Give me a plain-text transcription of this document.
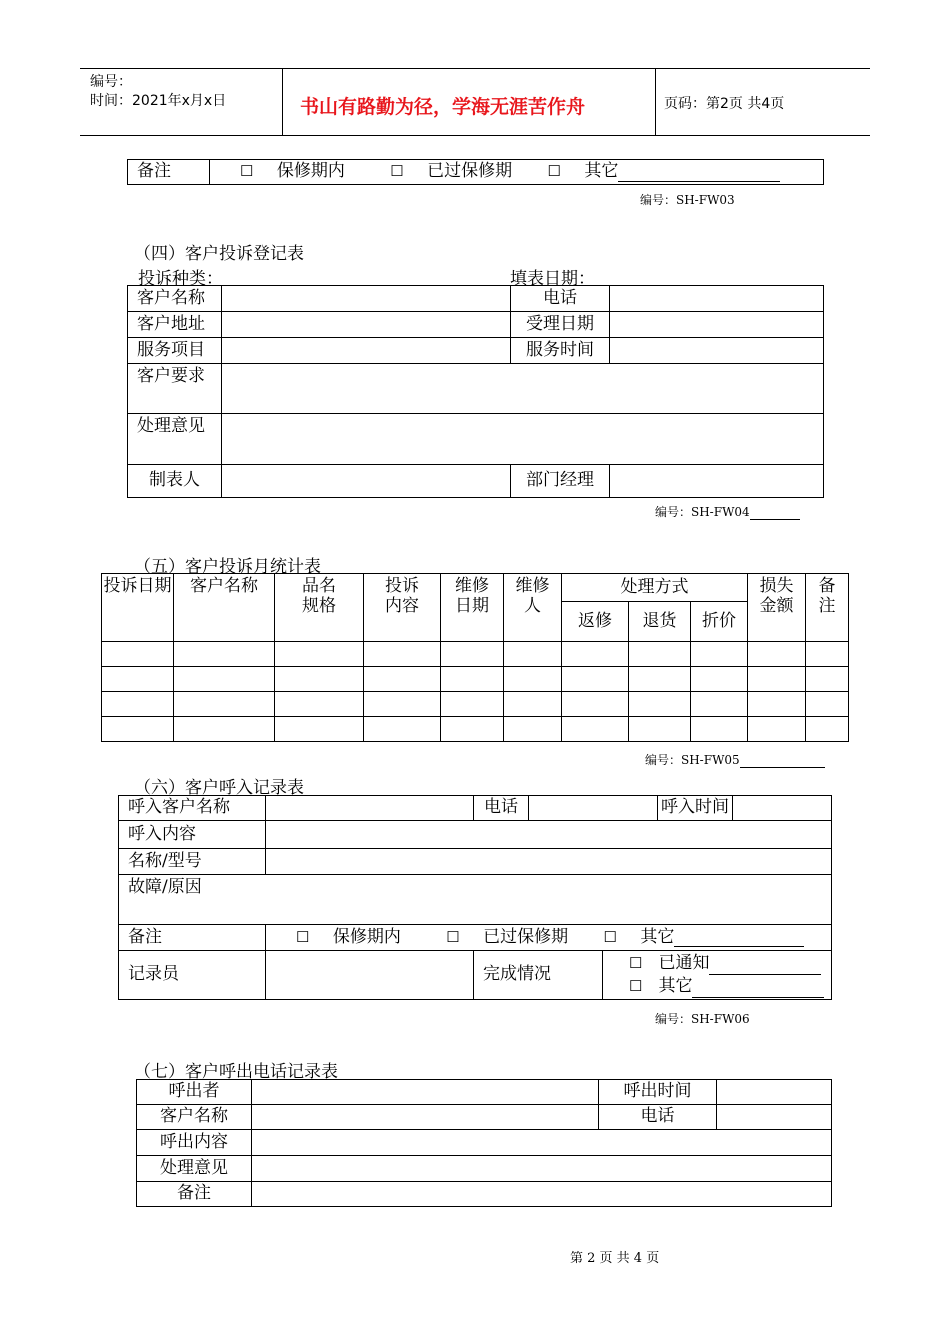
编号：
时间：2021年x月x日	书山有路勤为径，学海无涯苦作舟	页码：第2页 共4页
备注	☐ 保修期内	☐ 已过保修期 ☐ 其它
编号：SH-FW03
（四）客户投诉登记表
投诉种类：	填表日期：
客户名称		电话	
客户地址		受理日期	
服务项目		服务时间	
客户要求			
处理意见			
制表人		部门经理	
编号：SH-FW04
（五）客户投诉月统计表
投诉日期	客户名称	品名规格	投诉内容	维修日期	维修人	处理方式			损失金额	备注
						返修	退货	折价		

编号：SH-FW05
（六）客户呼入记录表
呼入客户名称		电话			呼入时间	
呼入内容						
名称/型号						
故障/原因						
备注	☐ 保修期内 ☐ 已过保修期 ☐ 其它					
记录员		完成情况		☐ 已通知
☐ 其它		
编号：SH-FW06
（七）客户呼出电话记录表
呼出者		呼出时间	
客户名称		电话	
呼出内容			
处理意见			
备注			
第 2 页 共 4 页
